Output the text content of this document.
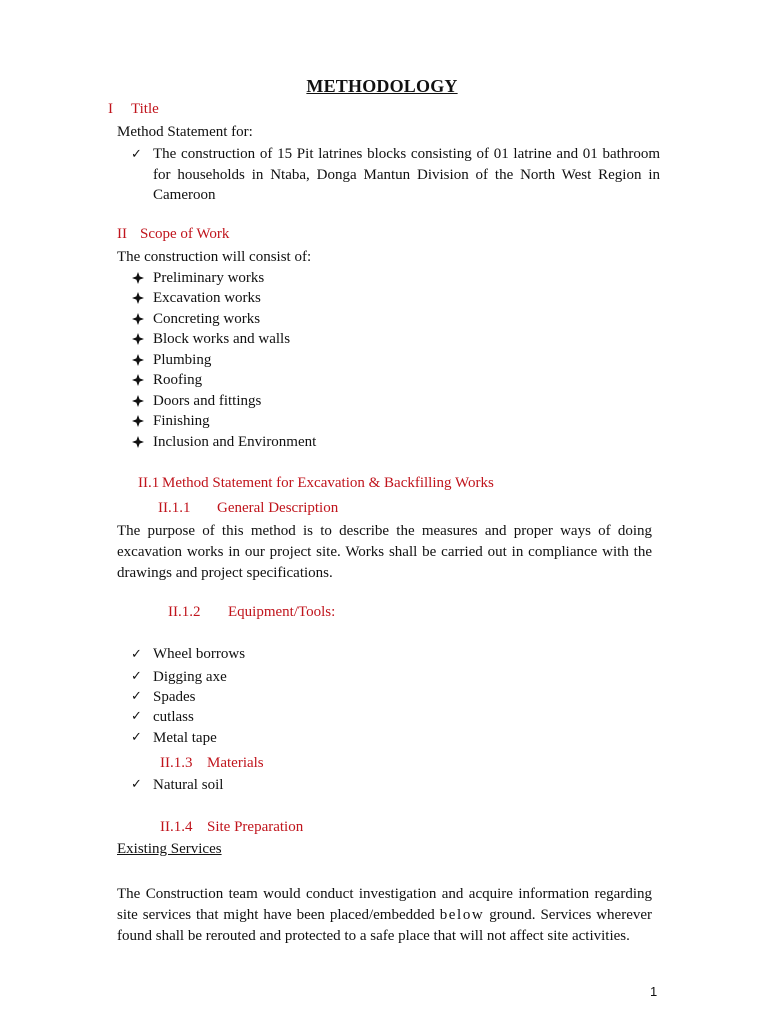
METHODOLOGY
I Title
Method Statement for:
✓ The construction of 15 Pit latrines blocks consisting of 01 latrine and 01 bathroom for households in Ntaba, Donga Mantun Division of the North West Region in Cameroon
II Scope of Work
The construction will consist of:
Preliminary works
Excavation works
Concreting works
Block works and walls
Plumbing
Roofing
Doors and fittings
Finishing
Inclusion and Environment
II.1 Method Statement for Excavation & Backfilling Works
II.1.1 General Description
The purpose of this method is to describe the measures and proper ways of doing excavation works in our project site. Works shall be carried out in compliance with the drawings and project specifications.
II.1.2 Equipment/Tools:
✓ Wheel borrows
✓ Digging axe
✓ Spades
✓ cutlass
✓ Metal tape
II.1.3 Materials
✓ Natural soil
II.1.4 Site Preparation
Existing Services
The Construction team would conduct investigation and acquire information regarding site services that might have been placed/embedded below ground. Services wherever found shall be rerouted and protected to a safe place that will not affect site activities.
1
